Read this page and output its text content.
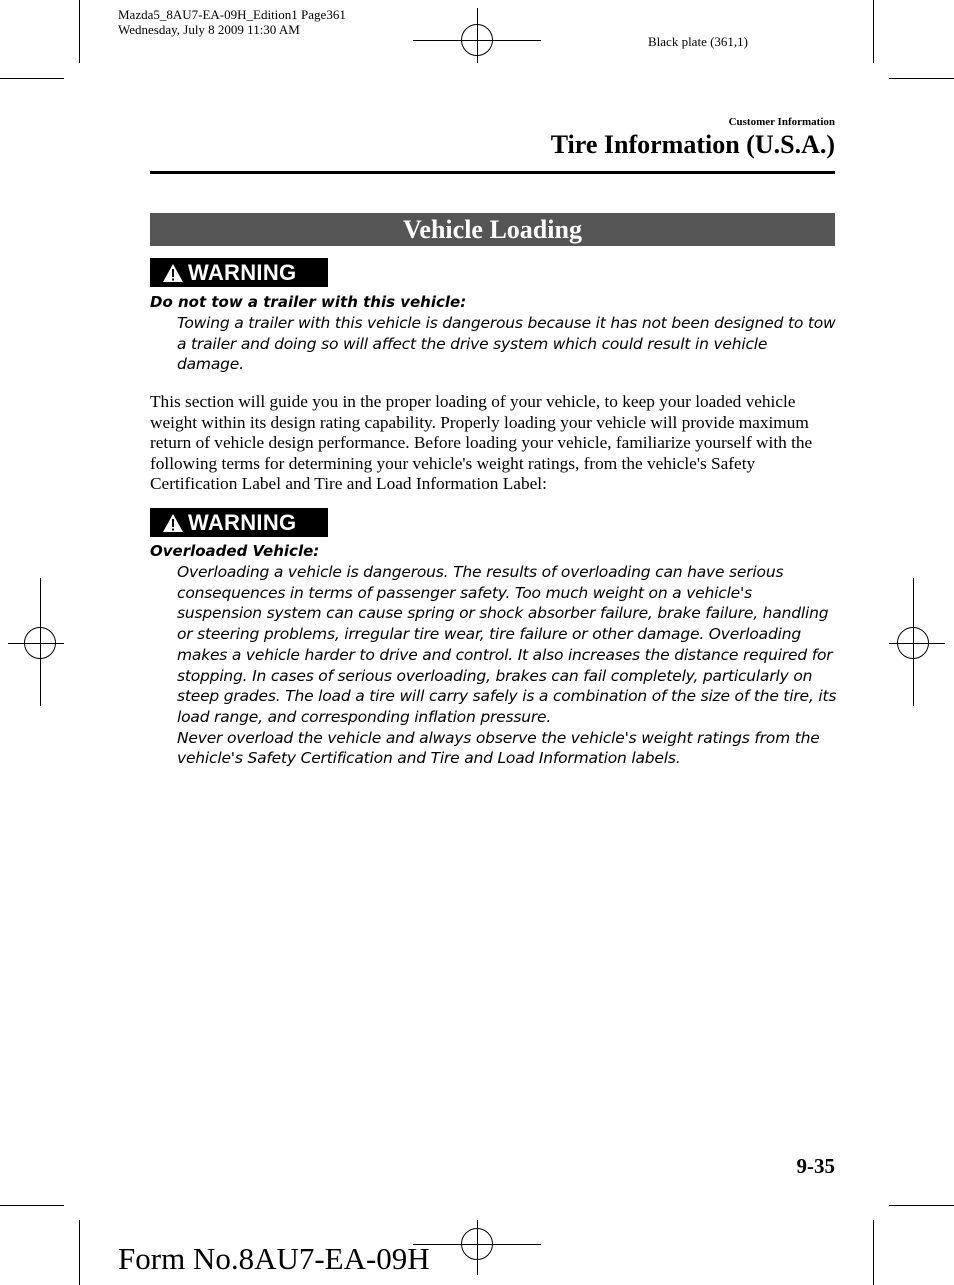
Mazda5_8AU7-EA-09H_Edition1 Page361
Wednesday, July 8 2009 11:30 AM
Black plate (361,1)
Customer Information
Tire Information (U.S.A.)
Vehicle Loading
WARNING
Do not tow a trailer with this vehicle:

Towing a trailer with this vehicle is dangerous because it has not been designed to tow a trailer and doing so will affect the drive system which could result in vehicle damage.

This section will guide you in the proper loading of your vehicle, to keep your loaded vehicle weight within its design rating capability. Properly loading your vehicle will provide maximum return of vehicle design performance. Before loading your vehicle, familiarize yourself with the following terms for determining your vehicle's weight ratings, from the vehicle's Safety Certification Label and Tire and Load Information Label:
WARNING
Overloaded Vehicle:

Overloading a vehicle is dangerous. The results of overloading can have serious consequences in terms of passenger safety. Too much weight on a vehicle's suspension system can cause spring or shock absorber failure, brake failure, handling or steering problems, irregular tire wear, tire failure or other damage. Overloading makes a vehicle harder to drive and control. It also increases the distance required for stopping. In cases of serious overloading, brakes can fail completely, particularly on steep grades. The load a tire will carry safely is a combination of the size of the tire, its load range, and corresponding inflation pressure.

Never overload the vehicle and always observe the vehicle's weight ratings from the vehicle's Safety Certification and Tire and Load Information labels.

9-35
Form No.8AU7-EA-09H
